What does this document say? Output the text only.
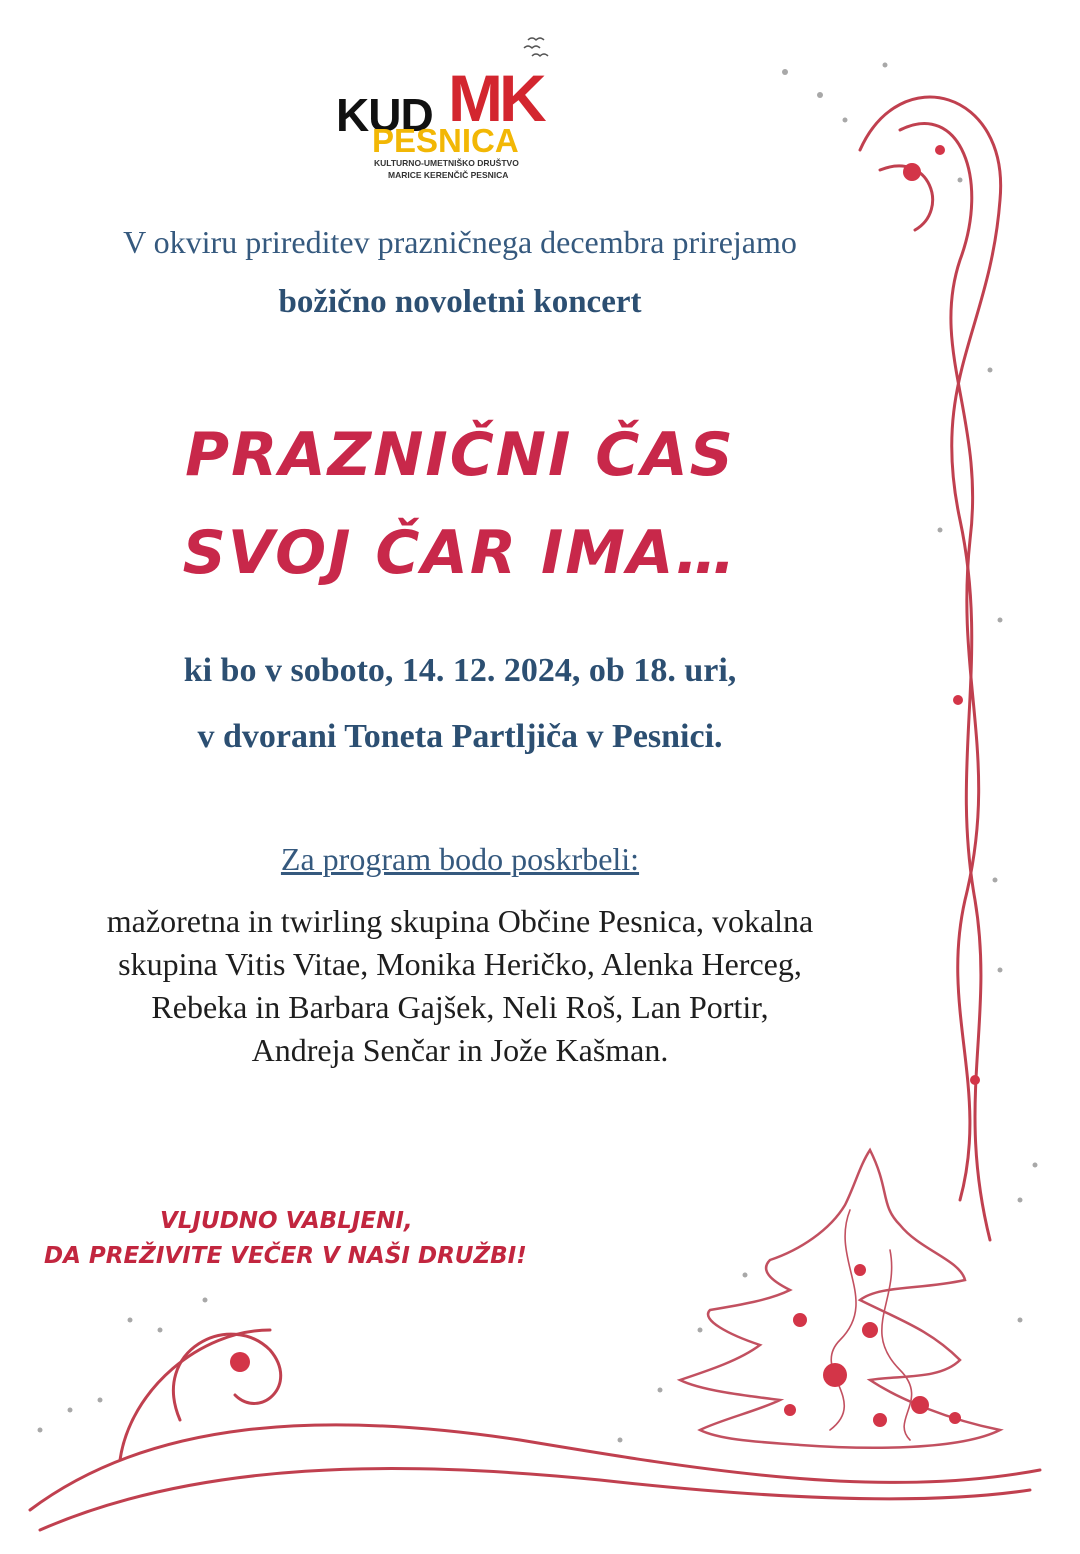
KUD MK
PESNICA
KULTURNO-UMETNIŠKO DRUŠTVO
MARICE KERENČIČ PESNICA
V okviru prireditev prazničnega decembra prirejamo
božično novoletni koncert
PRAZNIČNI ČAS
SVOJ ČAR IMA…
ki bo v soboto, 14. 12. 2024, ob 18. uri,
v dvorani Toneta Partljiča v Pesnici.
Za program bodo poskrbeli:
mažoretna in twirling skupina Občine Pesnica, vokalna
skupina Vitis Vitae, Monika Heričko, Alenka Herceg,
Rebeka in Barbara Gajšek, Neli Roš, Lan Portir,
Andreja Senčar in Jože Kašman.
VLJUDNO VABLJENI,
DA PREŽIVITE VEČER V NAŠI DRUŽBI!
